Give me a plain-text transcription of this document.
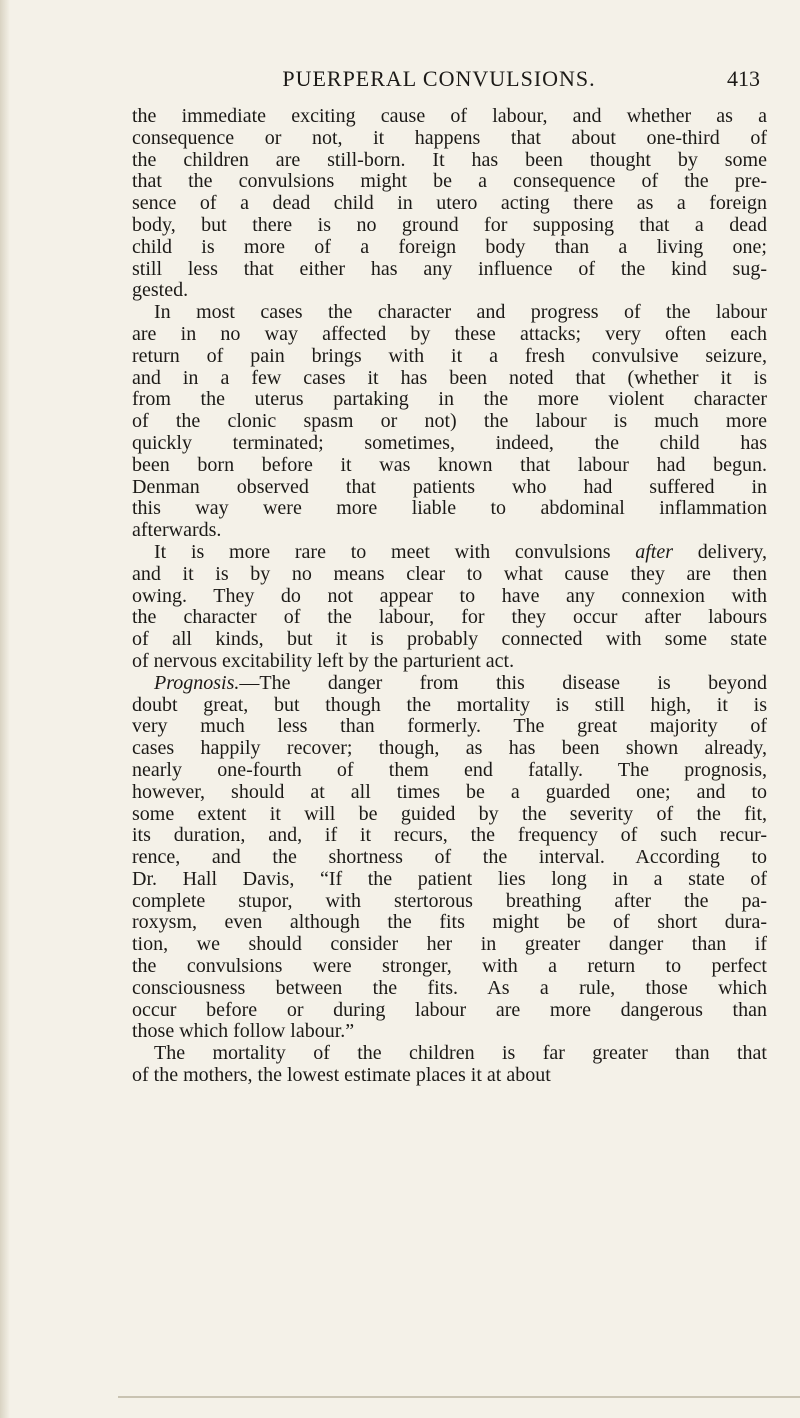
PUERPERAL CONVULSIONS.	413

the immediate exciting cause of labour, and whether as a
consequence or not, it happens that about one-third of
the children are still-born. It has been thought by some
that the convulsions might be a consequence of the pre-
sence of a dead child in utero acting there as a foreign
body, but there is no ground for supposing that a dead
child is more of a foreign body than a living one;
still less that either has any influence of the kind sug-
gested.

In most cases the character and progress of the labour
are in no way affected by these attacks; very often each
return of pain brings with it a fresh convulsive seizure,
and in a few cases it has been noted that (whether it is
from the uterus partaking in the more violent character
of the clonic spasm or not) the labour is much more
quickly terminated; sometimes, indeed, the child has
been born before it was known that labour had begun.
Denman observed that patients who had suffered in
this way were more liable to abdominal inflammation
afterwards.

It is more rare to meet with convulsions after delivery,
and it is by no means clear to what cause they are then
owing. They do not appear to have any connexion with
the character of the labour, for they occur after labours
of all kinds, but it is probably connected with some state
of nervous excitability left by the parturient act.

Prognosis.—The danger from this disease is beyond
doubt great, but though the mortality is still high, it is
very much less than formerly. The great majority of
cases happily recover; though, as has been shown already,
nearly one-fourth of them end fatally. The prognosis,
however, should at all times be a guarded one; and to
some extent it will be guided by the severity of the fit,
its duration, and, if it recurs, the frequency of such recur-
rence, and the shortness of the interval. According to
Dr. Hall Davis, “If the patient lies long in a state of
complete stupor, with stertorous breathing after the pa-
roxysm, even although the fits might be of short dura-
tion, we should consider her in greater danger than if
the convulsions were stronger, with a return to perfect
consciousness between the fits. As a rule, those which
occur before or during labour are more dangerous than
those which follow labour.”

The mortality of the children is far greater than that
of the mothers, the lowest estimate places it at about
